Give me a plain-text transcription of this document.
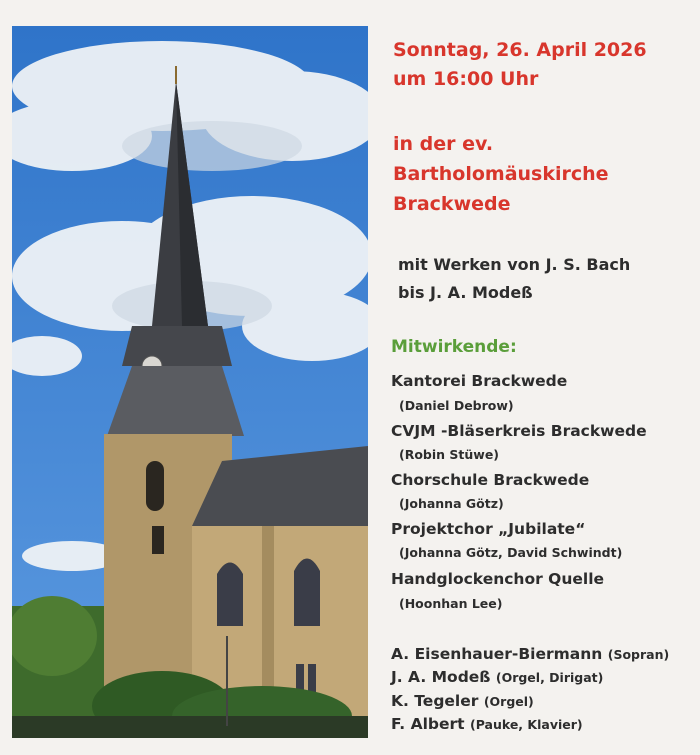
Sonntag, 26. April 2026
um 16:00 Uhr
in der ev.
Bartholomäuskirche
Brackwede
mit Werken von J. S. Bach
bis J. A. Modeß
Mitwirkende:
Kantorei Brackwede
(Daniel Debrow)
CVJM -Bläserkreis Brackwede
(Robin Stüwe)
Chorschule Brackwede
(Johanna Götz)
Projektchor „Jubilate“
(Johanna Götz, David Schwindt)
Handglockenchor Quelle
(Hoonhan Lee)
A. Eisenhauer-Biermann (Sopran)
J. A. Modeß (Orgel, Dirigat)
K. Tegeler (Orgel)
F. Albert (Pauke, Klavier)
